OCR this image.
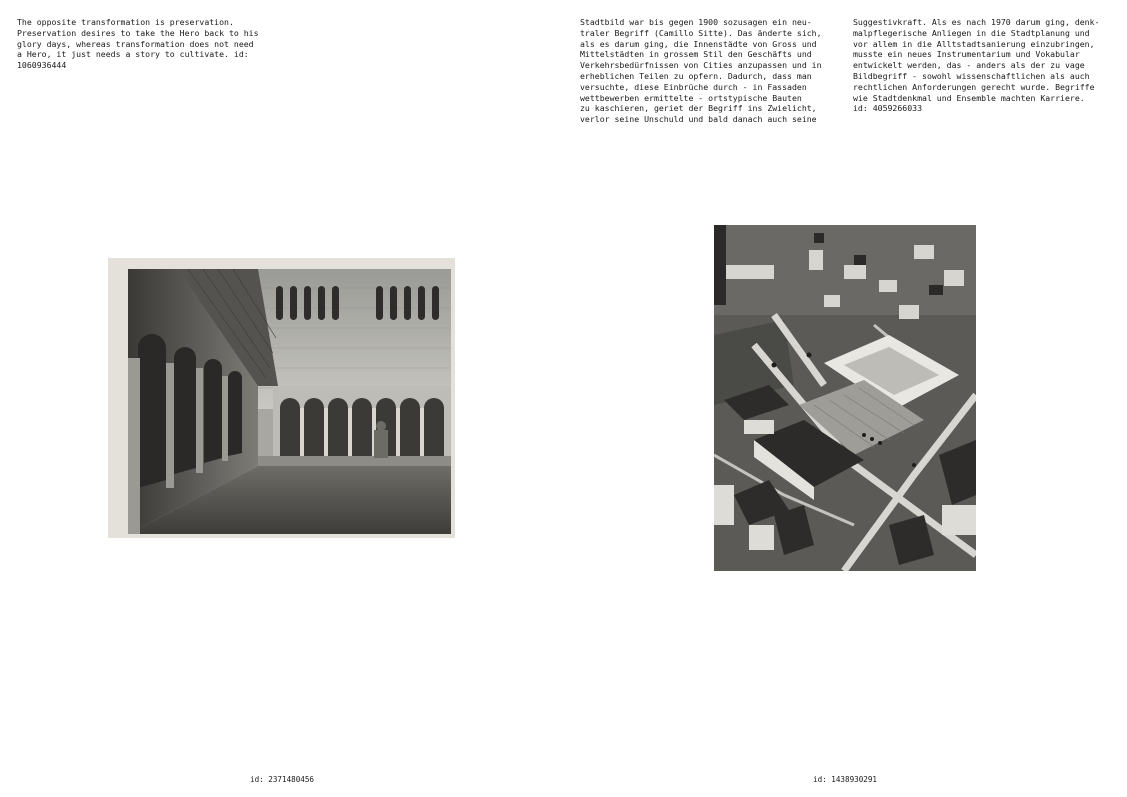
The opposite transformation is preservation.
Preservation desires to take the Hero back to his
glory days, whereas transformation does not need
a Hero, it just needs a story to cultivate. id:
1060936444
Stadtbild war bis gegen 1900 sozusagen ein neu-
traler Begriff (Camillo Sitte). Das änderte sich,
als es darum ging, die Innenstädte von Gross und
Mittelstädten in grossem Stil den Geschäfts und
Verkehrsbedürfnissen von Cities anzupassen und in
erheblichen Teilen zu opfern. Dadurch, dass man
versuchte, diese Einbrüche durch - in Fassaden
wettbewerben ermittelte - ortstypische Bauten
zu kaschieren, geriet der Begriff ins Zwielicht,
verlor seine Unschuld und bald danach auch seine
Suggestivkraft. Als es nach 1970 darum ging, denk-
malpflegerische Anliegen in die Stadtplanung und
vor allem in die Alltstadtsanierung einzubringen,
musste ein neues Instrumentarium und Vokabular
entwickelt werden, das - anders als der zu vage
Bildbegriff - sowohl wissenschaftlichen als auch
rechtlichen Anforderungen gerecht wurde. Begriffe
wie Stadtdenkmal und Ensemble machten Karriere.
id: 4059266033
id: 2371480456	id: 1438930291
